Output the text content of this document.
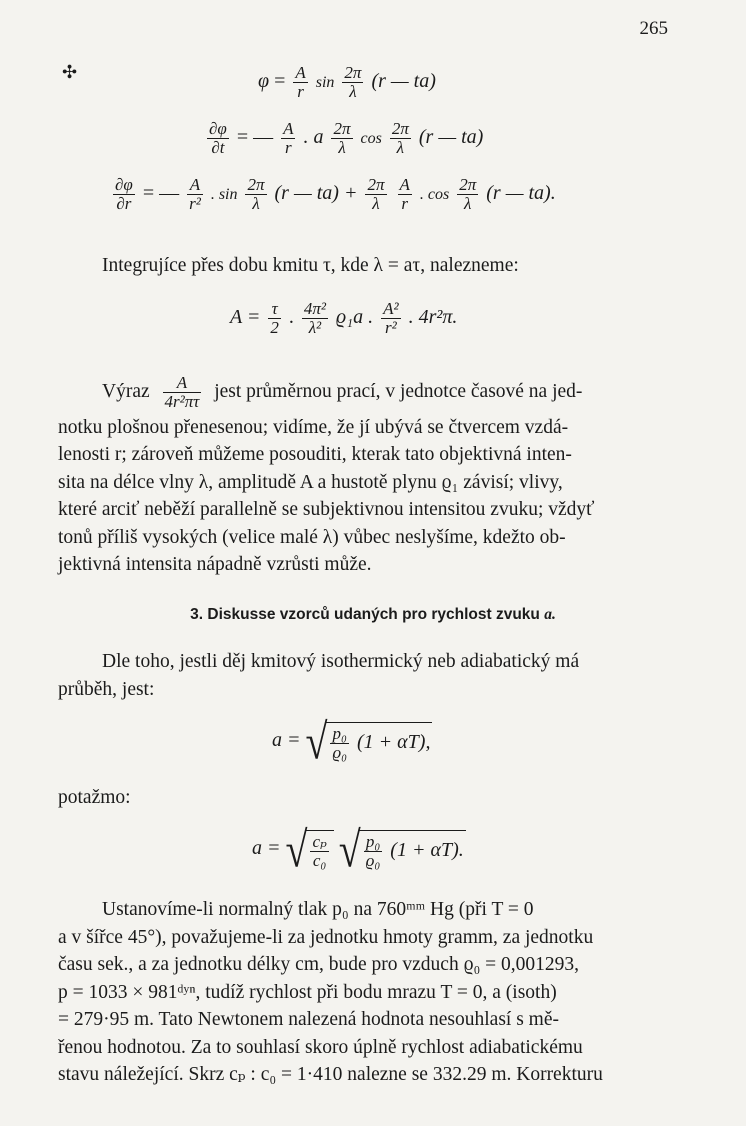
265
✣	$\varphi = \frac{A}{r}$ $\sin \frac{2\pi}{\lambda} (r$ — ta)
$\frac{\partial\varphi}{\partial t}$ = — $\frac{A}{r}$ . a $\frac{2\pi}{\lambda}$ $\cos \frac{2\pi}{\lambda} (r$ — ta)
$\frac{\partial\varphi}{\partial r}$ = — $\frac{A}{\text{r²}}$ . $\sin \frac{2\pi}{\lambda} (r$ — $ta) + \frac{2\pi}{\lambda}$
$\frac{A}{r}$ . $\cos \frac{2\pi}{\lambda} (r$ — ta).
Integrujíce přes dobu kmitu τ, kde λ = aτ, nalezneme:
$A = \frac{\tau}{2}$ . $\frac{\text{4π²}}{\text{λ²}} ϱ_1a$ . $\frac{\text{A²}}{\text{r²}}$ . 4r²π.
Výraz $\frac{A}{\text{4r²πτ}}$ jest průměrnou prací, v jednotce časové na jed-
notku plošnou přenesenou; vidíme, že jí ubývá se čtvercem vzdá-
lenosti r; zároveň můžeme posouditi, kterak tato objektivná inten-
sita na délce vlny λ, amplitudě A a hustotě plynu ϱ₁ závisí; vlivy,
které arciť neběží parallelně se subjektivnou intensitou zvuku; vždyť
tonů příliš vysokých (velice malé λ) vůbec neslyšíme, kdežto ob-
jektivná intensita nápadně vzrůsti může.
3. Diskusse vzorců udaných pro rychlost zvuku a.
Dle toho, jestli děj kmitový isothermický neb adiabatický má
průběh, jest:
a = √ $\frac{\text{p₀}}{\text{ϱ₀}} (1 + \alpha T)$,
potažmo:
a = √ $\frac{\text{cₚ}}{\text{c₀}}$ √ $\frac{\text{p₀}}{\text{ϱ₀}} (1 + \alpha T)$.
Ustanovíme-li normalný tlak p₀ na 760ᵐᵐ Hg (při T = 0
a v šířce 45°), považujeme-li za jednotku hmoty gramm, za jednotku
času sek., a za jednotku délky cm, bude pro vzduch ϱ₀ = 0,001293,
p = 1033 × 981ᵈʸⁿ, tudíž rychlost při bodu mrazu T = 0, a (isoth)
= 279·95 m. Tato Newtonem nalezená hodnota nesouhlasí s mě-
řenou hodnotou. Za to souhlasí skoro úplně rychlost adiabatickému
stavu náležející. Skrz cₚ : c₀ = 1·410 nalezne se 332.29 m. Korrekturu
